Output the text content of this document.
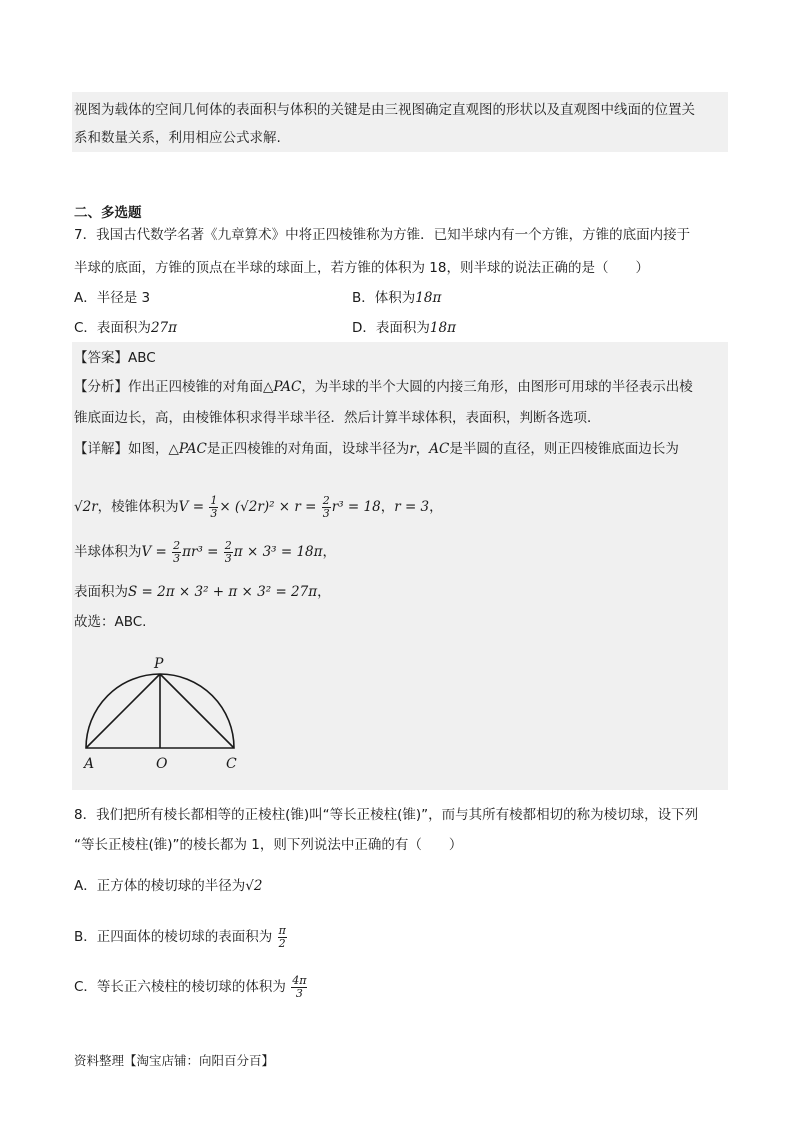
视图为载体的空间几何体的表面积与体积的关键是由三视图确定直观图的形状以及直观图中线面的位置关
系和数量关系，利用相应公式求解.
二、多选题
7．我国古代数学名著《九章算术》中将正四棱锥称为方锥．已知半球内有一个方锥，方锥的底面内接于
半球的底面，方锥的顶点在半球的球面上，若方锥的体积为 18，则半球的说法正确的是（　　）
A．半径是 3	B．体积为18π
C．表面积为27π	D．表面积为18π
【答案】ABC
【分析】作出正四棱锥的对角面△PAC，为半球的半个大圆的内接三角形，由图形可用球的半径表示出棱
锥底面边长，高，由棱锥体积求得半球半径．然后计算半球体积，表面积，判断各选项．
【详解】如图，△PAC是正四棱锥的对角面，设球半径为r，AC是半圆的直径，则正四棱锥底面边长为
√2r，棱锥体积为$V = \frac{1}{3} \times (√2r)^2 \times r = \frac{2}{3} r^3 = 18$，r = 3，
半球体积为$V = \frac{2}{3} \pi r^3 = \frac{2}{3}$ π × 3³ = 18π，
表面积为S = 2π × 3² + π × 3² = 27π，
故选：ABC.
P
A	O	C
8．我们把所有棱长都相等的正棱柱(锥)叫“等长正棱柱(锥)”，而与其所有棱都相切的称为棱切球，设下列
“等长正棱柱(锥)”的棱长都为 1，则下列说法中正确的有（　　）
A．正方体的棱切球的半径为√2
B．正四面体的棱切球的表面积为 $\frac{\pi}{2}$
C．等长正六棱柱的棱切球的体积为 $\frac{4\pi}{3}$
资料整理【淘宝店铺：向阳百分百】
